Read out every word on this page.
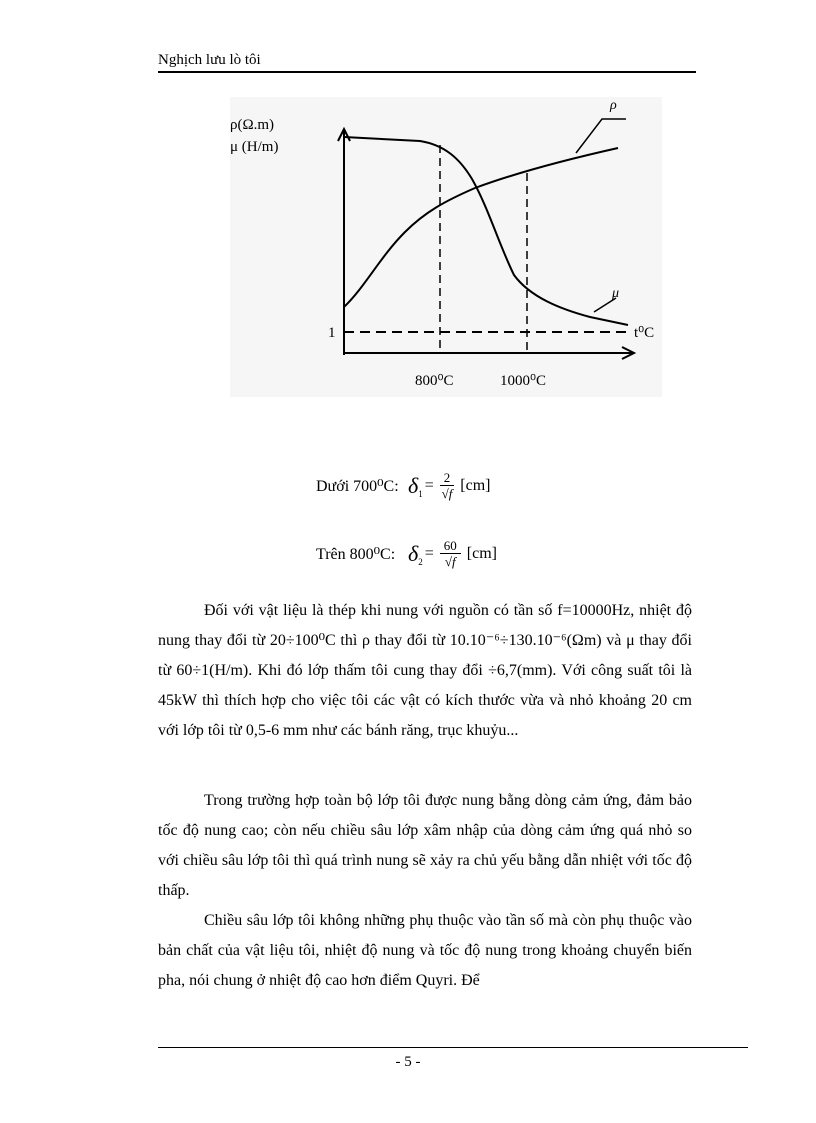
Nghịch lưu lò tôi
ρ(Ω.m)
μ (H/m)
ρ
μ
t⁰C
1
800⁰C	1000⁰C
Dưới 700⁰C: $\delta_1 = \frac{2}{√f} [cm]$
Trên 800⁰C: $\delta_2 = \frac{60}{√f} [cm]$

Đối với vật liệu là thép khi nung với nguồn có tần số f=10000Hz, nhiệt độ nung thay đổi từ 20÷100⁰C thì ρ thay đổi từ 10.10⁻⁶÷130.10⁻⁶(Ωm) và μ thay đổi từ 60÷1(H/m). Khi đó lớp thấm tôi cung thay đổi ÷6,7(mm). Với công suất tôi là 45kW thì thích hợp cho việc tôi các vật có kích thước vừa và nhỏ khoảng 20 cm với lớp tôi từ 0,5-6 mm như các bánh răng, trục khuỷu...

Trong trường hợp toàn bộ lớp tôi được nung bằng dòng cảm ứng, đảm bảo tốc độ nung cao; còn nếu chiều sâu lớp xâm nhập của dòng cảm ứng quá nhỏ so với chiều sâu lớp tôi thì quá trình nung sẽ xảy ra chủ yếu bằng dẫn nhiệt với tốc độ thấp.

Chiều sâu lớp tôi không những phụ thuộc vào tần số mà còn phụ thuộc vào bản chất của vật liệu tôi, nhiệt độ nung và tốc độ nung trong khoảng chuyển biến pha, nói chung ở nhiệt độ cao hơn điểm Quyri. Để

- 5 -
